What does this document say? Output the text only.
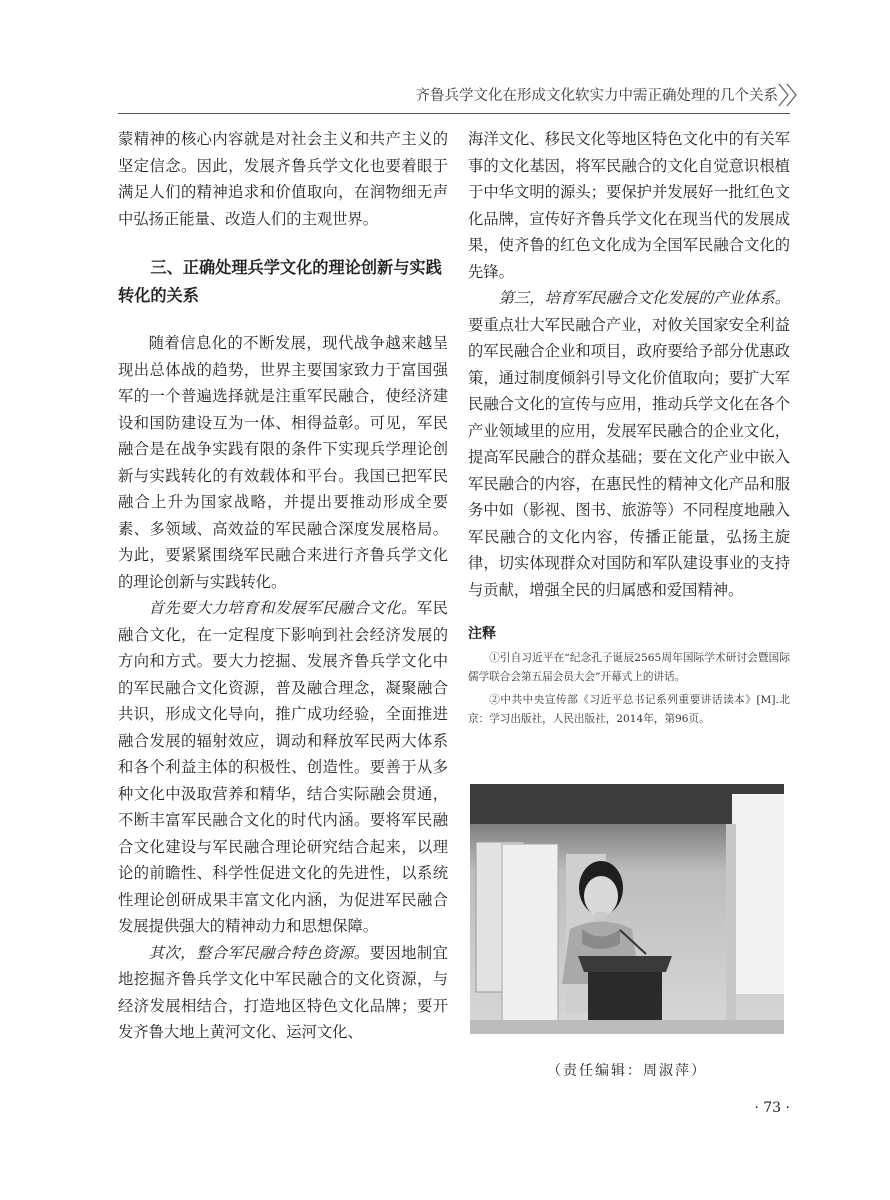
齐鲁兵学文化在形成文化软实力中需正确处理的几个关系

蒙精神的核心内容就是对社会主义和共产主义的坚定信念。因此，发展齐鲁兵学文化也要着眼于满足人们的精神追求和价值取向，在润物细无声中弘扬正能量、改造人们的主观世界。

三、正确处理兵学文化的理论创新与实践转化的关系

随着信息化的不断发展，现代战争越来越呈现出总体战的趋势，世界主要国家致力于富国强军的一个普遍选择就是注重军民融合，使经济建设和国防建设互为一体、相得益彰。可见，军民融合是在战争实践有限的条件下实现兵学理论创新与实践转化的有效载体和平台。我国已把军民融合上升为国家战略，并提出要推动形成全要素、多领域、高效益的军民融合深度发展格局。为此，要紧紧围绕军民融合来进行齐鲁兵学文化的理论创新与实践转化。

首先要大力培育和发展军民融合文化。军民融合文化，在一定程度下影响到社会经济发展的方向和方式。要大力挖掘、发展齐鲁兵学文化中的军民融合文化资源，普及融合理念，凝聚融合共识，形成文化导向，推广成功经验，全面推进融合发展的辐射效应，调动和释放军民两大体系和各个利益主体的积极性、创造性。要善于从多种文化中汲取营养和精华，结合实际融会贯通，不断丰富军民融合文化的时代内涵。要将军民融合文化建设与军民融合理论研究结合起来，以理论的前瞻性、科学性促进文化的先进性，以系统性理论创研成果丰富文化内涵，为促进军民融合发展提供强大的精神动力和思想保障。

其次，整合军民融合特色资源。要因地制宜地挖掘齐鲁兵学文化中军民融合的文化资源，与经济发展相结合，打造地区特色文化品牌；要开发齐鲁大地上黄河文化、运河文化、

海洋文化、移民文化等地区特色文化中的有关军事的文化基因，将军民融合的文化自觉意识根植于中华文明的源头；要保护并发展好一批红色文化品牌，宣传好齐鲁兵学文化在现当代的发展成果，使齐鲁的红色文化成为全国军民融合文化的先锋。

第三，培育军民融合文化发展的产业体系。要重点壮大军民融合产业，对攸关国家安全利益的军民融合企业和项目，政府要给予部分优惠政策，通过制度倾斜引导文化价值取向；要扩大军民融合文化的宣传与应用，推动兵学文化在各个产业领域里的应用，发展军民融合的企业文化，提高军民融合的群众基础；要在文化产业中嵌入军民融合的内容，在惠民性的精神文化产品和服务中如（影视、图书、旅游等）不同程度地融入军民融合的文化内容，传播正能量，弘扬主旋律，切实体现群众对国防和军队建设事业的支持与贡献，增强全民的归属感和爱国精神。

注释

①引自习近平在“纪念孔子诞辰2565周年国际学术研讨会暨国际儒学联合会第五届会员大会”开幕式上的讲话。

②中共中央宣传部《习近平总书记系列重要讲话读本》[M].北京：学习出版社，人民出版社，2014年，第96页。

（责任编辑：周淑萍）
· 73 ·
